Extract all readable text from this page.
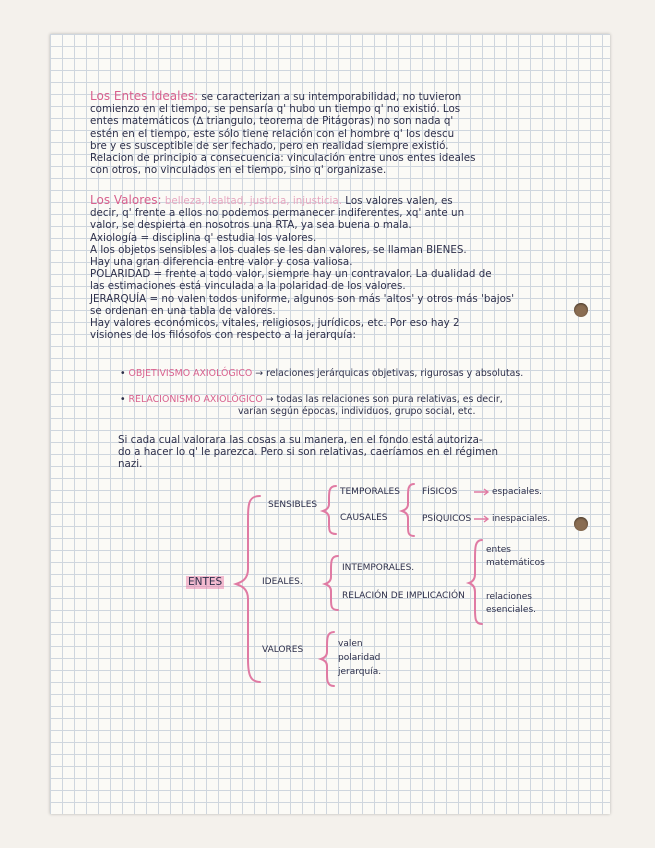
Los Entes Ideales: se caracterizan a su intemporabilidad, no tuvieron
comienzo en el tiempo, se pensaría q' hubo un tiempo q' no existió. Los
entes matemáticos (∆ triangulo, teorema de Pitágoras) no son nada q'
estén en el tiempo, este sólo tiene relación con el hombre q' los descu
bre y es susceptible de ser fechado, pero en realidad siempre existió.
Relacion de principio a consecuencia: vinculación entre unos entes ideales
con otros, no vinculados en el tiempo, sino q' organizase.
Los Valores: belleza, lealtad, justicia, injusticia. Los valores valen, es
decir, q' frente a ellos no podemos permanecer indiferentes, xq' ante un
valor, se despierta en nosotros una RTA, ya sea buena o mala.
Axiología = disciplina q' estudia los valores.
A los objetos sensibles a los cuales se les dan valores, se llaman BIENES.
Hay una gran diferencia entre valor y cosa valiosa.
POLARIDAD = frente a todo valor, siempre hay un contravalor. La dualidad de
las estimaciones está vinculada a la polaridad de los valores.
JERARQUÍA = no valen todos uniforme, algunos son más 'altos' y otros más 'bajos'
se ordenan en una tabla de valores.
Hay valores económicos, vitales, religiosos, jurídicos, etc. Por eso hay 2
visiones de los filósofos con respecto a la jerarquía:
• OBJETIVISMO AXIOLÓGICO → relaciones jerárquicas objetivas, rigurosas y absolutas.
• RELACIONISMO AXIOLÓGICO → todas las relaciones son pura relativas, es decir,
varían según épocas, individuos, grupo social, etc.
Si cada cual valorara las cosas a su manera, en el fondo está autoriza-
do a hacer lo q' le parezca. Pero si son relativas, caeríamos en el régimen
nazi.
ENTES
SENSIBLES
TEMPORALES
CAUSALES
FÍSICOS	espaciales.
PSÍQUICOS inespaciales.
IDEALES.
INTEMPORALES.
RELACIÓN DE IMPLICACIÓN
entes
matemáticos
relaciones
esenciales.
VALORES
valen
polaridad
jerarquía.
